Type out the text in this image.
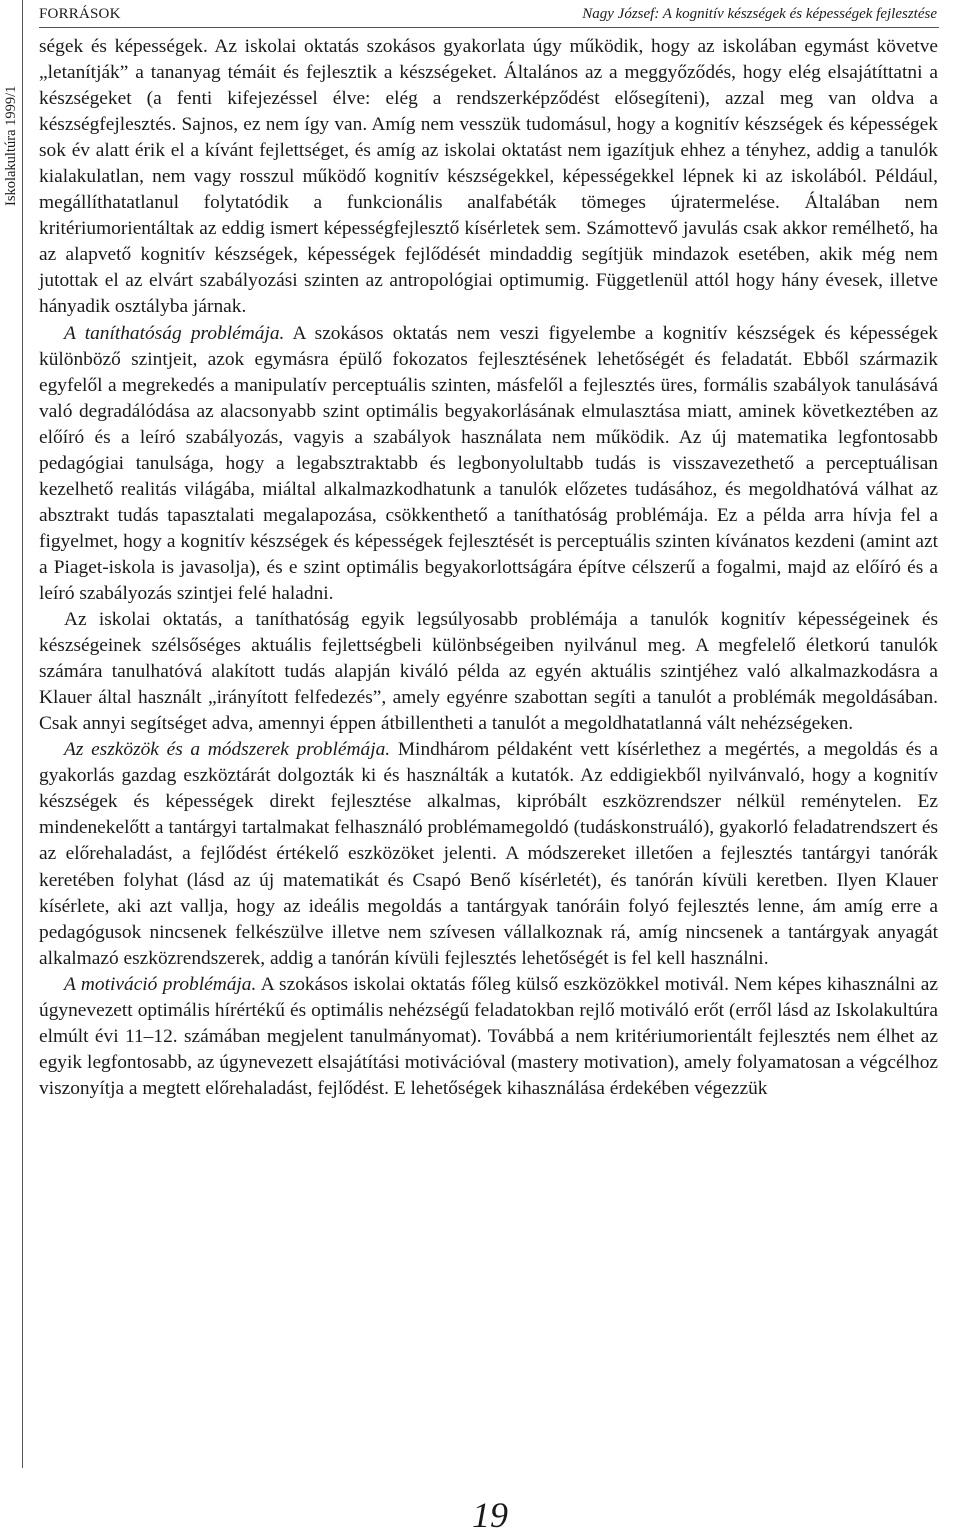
Iskolakultúra 1999/1
FORRÁSOK	Nagy József: A kognitív készségek és képességek fejlesztése

ségek és képességek. Az iskolai oktatás szokásos gyakorlata úgy működik, hogy az iskolában egymást követve „letanítják” a tananyag témáit és fejlesztik a készségeket. Általános az a meggyőződés, hogy elég elsajátíttatni a készségeket (a fenti kifejezéssel élve: elég a rendszerképződést elősegíteni), azzal meg van oldva a készségfejlesztés. Sajnos, ez nem így van. Amíg nem vesszük tudomásul, hogy a kognitív készségek és képességek sok év alatt érik el a kívánt fejlettséget, és amíg az iskolai oktatást nem igazítjuk ehhez a tényhez, addig a tanulók kialakulatlan, nem vagy rosszul működő kognitív készségekkel, képességekkel lépnek ki az iskolából. Például, megállíthatatlanul folytatódik a funkcionális analfabéták tömeges újratermelése. Általában nem kritériumorientáltak az eddig ismert képességfejlesztő kísérletek sem. Számottevő javulás csak akkor remélhető, ha az alapvető kognitív készségek, képességek fejlődését mindaddig segítjük mindazok esetében, akik még nem jutottak el az elvárt szabályozási szinten az antropológiai optimumig. Függetlenül attól hogy hány évesek, illetve hányadik osztályba járnak.

A taníthatóság problémája. A szokásos oktatás nem veszi figyelembe a kognitív készségek és képességek különböző szintjeit, azok egymásra épülő fokozatos fejlesztésének lehetőségét és feladatát. Ebből származik egyfelől a megrekedés a manipulatív perceptuális szinten, másfelől a fejlesztés üres, formális szabályok tanulásává való degradálódása az alacsonyabb szint optimális begyakorlásának elmulasztása miatt, aminek következtében az előíró és a leíró szabályozás, vagyis a szabályok használata nem működik. Az új matematika legfontosabb pedagógiai tanulsága, hogy a legabsztraktabb és legbonyolultabb tudás is visszavezethető a perceptuálisan kezelhető realitás világába, miáltal alkalmazkodhatunk a tanulók előzetes tudásához, és megoldhatóvá válhat az absztrakt tudás tapasztalati megalapozása, csökkenthető a taníthatóság problémája. Ez a példa arra hívja fel a figyelmet, hogy a kognitív készségek és képességek fejlesztését is perceptuális szinten kívánatos kezdeni (amint azt a Piaget-iskola is javasolja), és e szint optimális begyakorlottságára építve célszerű a fogalmi, majd az előíró és a leíró szabályozás szintjei felé haladni.

Az iskolai oktatás, a taníthatóság egyik legsúlyosabb problémája a tanulók kognitív képességeinek és készségeinek szélsőséges aktuális fejlettségbeli különbségeiben nyilvánul meg. A megfelelő életkorú tanulók számára tanulhatóvá alakított tudás alapján kiváló példa az egyén aktuális szintjéhez való alkalmazkodásra a Klauer által használt „irányított felfedezés”, amely egyénre szabottan segíti a tanulót a problémák megoldásában. Csak annyi segítséget adva, amennyi éppen átbillentheti a tanulót a megoldhatatlanná vált nehézségeken.

Az eszközök és a módszerek problémája. Mindhárom példaként vett kísérlethez a megértés, a megoldás és a gyakorlás gazdag eszköztárát dolgozták ki és használták a kutatók. Az eddigiekből nyilvánvaló, hogy a kognitív készségek és képességek direkt fejlesztése alkalmas, kipróbált eszközrendszer nélkül reménytelen. Ez mindenekelőtt a tantárgyi tartalmakat felhasználó problémamegoldó (tudáskonstruáló), gyakorló feladatrendszert és az előrehaladást, a fejlődést értékelő eszközöket jelenti. A módszereket illetően a fejlesztés tantárgyi tanórák keretében folyhat (lásd az új matematikát és Csapó Benő kísérletét), és tanórán kívüli keretben. Ilyen Klauer kísérlete, aki azt vallja, hogy az ideális megoldás a tantárgyak tanóráin folyó fejlesztés lenne, ám amíg erre a pedagógusok nincsenek felkészülve illetve nem szívesen vállalkoznak rá, amíg nincsenek a tantárgyak anyagát alkalmazó eszközrendszerek, addig a tanórán kívüli fejlesztés lehetőségét is fel kell használni.

A motiváció problémája. A szokásos iskolai oktatás főleg külső eszközökkel motivál. Nem képes kihasználni az úgynevezett optimális hírértékű és optimális nehézségű feladatokban rejlő motiváló erőt (erről lásd az Iskolakultúra elmúlt évi 11–12. számában megjelent tanulmányomat). Továbbá a nem kritériumorientált fejlesztés nem élhet az egyik legfontosabb, az úgynevezett elsajátítási motivációval (mastery motivation), amely folyamatosan a végcélhoz viszonyítja a megtett előrehaladást, fejlődést. E lehetőségek kihasználása érdekében végezzük

19
